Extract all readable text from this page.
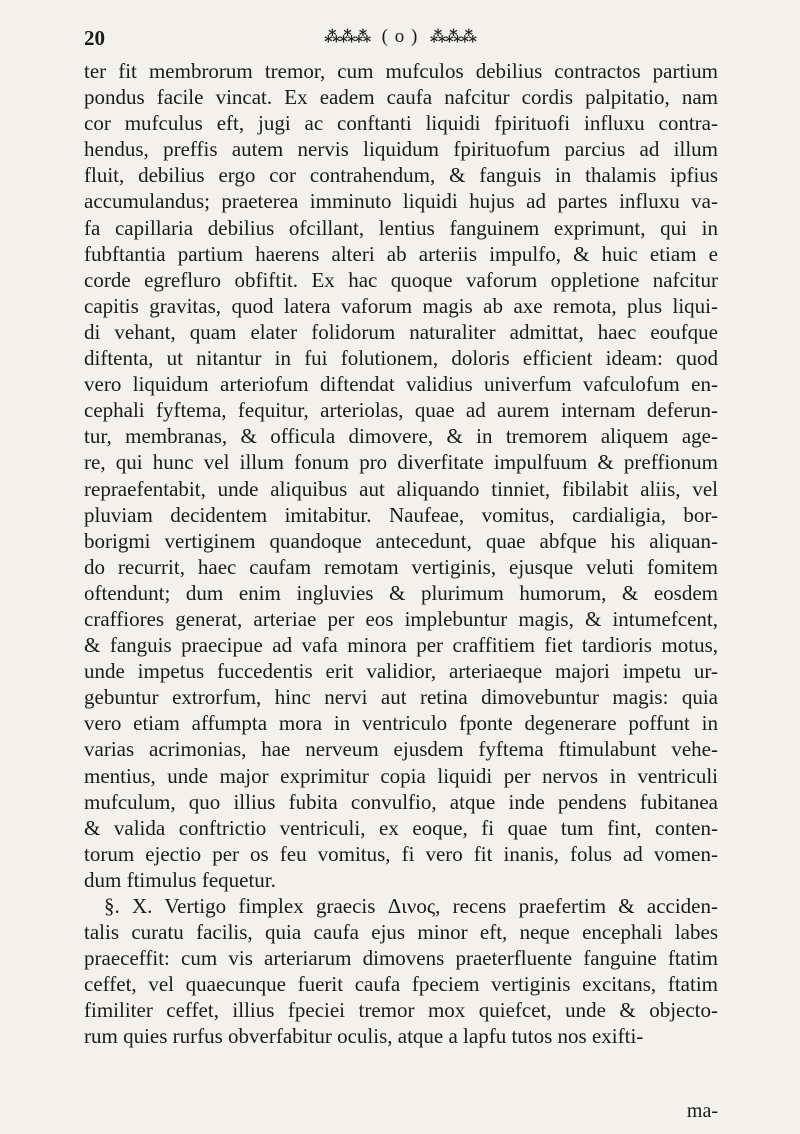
20	⁂⁂⁂ ( o ) ⁂⁂⁂
ter fit membrorum tremor, cum mufculos debilius contractos partium
pondus facile vincat. Ex eadem caufa nafcitur cordis palpitatio, nam
cor mufculus eft, jugi ac conftanti liquidi fpirituofi influxu contra-
hendus, preffis autem nervis liquidum fpirituofum parcius ad illum
fluit, debilius ergo cor contrahendum, & fanguis in thalamis ipfius
accumulandus; praeterea imminuto liquidi hujus ad partes influxu va-
fa capillaria debilius ofcillant, lentius fanguinem exprimunt, qui in
fubftantia partium haerens alteri ab arteriis impulfo, & huic etiam e
corde egrefluro obfiftit. Ex hac quoque vaforum oppletione nafcitur
capitis gravitas, quod latera vaforum magis ab axe remota, plus liqui-
di vehant, quam elater folidorum naturaliter admittat, haec eoufque
diftenta, ut nitantur in fui folutionem, doloris efficient ideam: quod
vero liquidum arteriofum diftendat validius univerfum vafculofum en-
cephali fyftema, fequitur, arteriolas, quae ad aurem internam deferun-
tur, membranas, & officula dimovere, & in tremorem aliquem age-
re, qui hunc vel illum fonum pro diverfitate impulfuum & preffionum
repraefentabit, unde aliquibus aut aliquando tinniet, fibilabit aliis, vel
pluviam decidentem imitabitur. Naufeae, vomitus, cardialigia, bor-
borigmi vertiginem quandoque antecedunt, quae abfque his aliquan-
do recurrit, haec caufam remotam vertiginis, ejusque veluti fomitem
oftendunt; dum enim ingluvies & plurimum humorum, & eosdem
craffiores generat, arteriae per eos implebuntur magis, & intumefcent,
& fanguis praecipue ad vafa minora per craffitiem fiet tardioris motus,
unde impetus fuccedentis erit validior, arteriaeque majori impetu ur-
gebuntur extrorfum, hinc nervi aut retina dimovebuntur magis: quia
vero etiam affumpta mora in ventriculo fponte degenerare poffunt in
varias acrimonias, hae nerveum ejusdem fyftema ftimulabunt vehe-
mentius, unde major exprimitur copia liquidi per nervos in ventriculi
mufculum, quo illius fubita convulfio, atque inde pendens fubitanea
& valida conftrictio ventriculi, ex eoque, fi quae tum fint, conten-
torum ejectio per os feu vomitus, fi vero fit inanis, folus ad vomen-
dum ftimulus fequetur.
§. X. Vertigo fimplex graecis Δινος, recens praefertim & acciden-
talis curatu facilis, quia caufa ejus minor eft, neque encephali labes
praeceffit: cum vis arteriarum dimovens praeterfluente fanguine ftatim
ceffet, vel quaecunque fuerit caufa fpeciem vertiginis excitans, ftatim
fimiliter ceffet, illius fpeciei tremor mox quiefcet, unde & objecto-
rum quies rurfus obverfabitur oculis, atque a lapfu tutos nos exifti-
ma-
